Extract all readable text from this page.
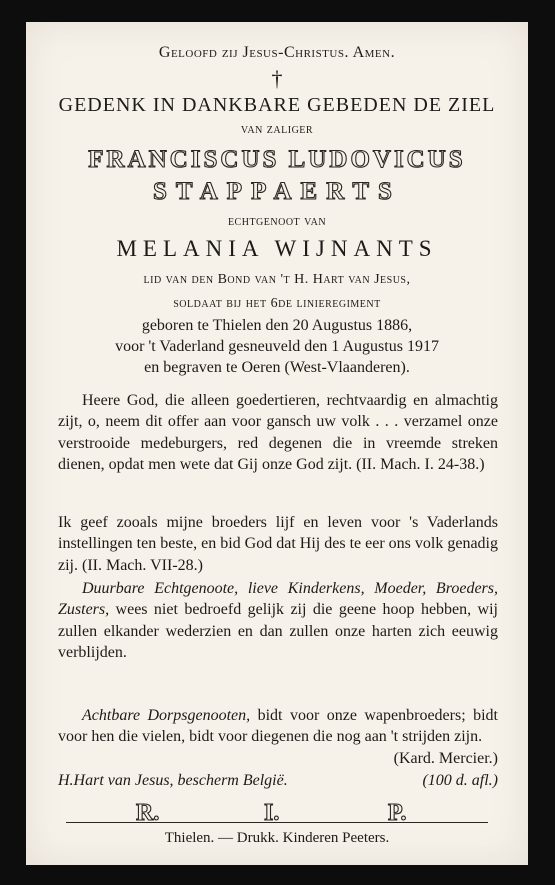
Geloofd zij Jesus-Christus. Amen.
†
GEDENK IN DANKBARE GEBEDEN DE ZIEL
van zaliger
FRANCISCUS LUDOVICUS
STAPPAERTS
echtgenoot van
MELANIA WIJNANTS
lid van den Bond van 't H. Hart van Jesus,
soldaat bij het 6de linieregiment
geboren te Thielen den 20 Augustus 1886,
voor 't Vaderland gesneuveld den 1 Augustus 1917
en begraven te Oeren (West-Vlaanderen).
Heere God, die alleen goedertieren, rechtvaardig en almachtig zijt, o, neem dit offer aan voor gansch uw volk . . . verzamel onze verstrooide medeburgers, red degenen die in vreemde streken dienen, opdat men wete dat Gij onze God zijt. (II. Mach. I. 24-38.)
Ik geef zooals mijne broeders lijf en leven voor 's Vaderlands instellingen ten beste, en bid God dat Hij des te eer ons volk genadig zij. (II. Mach. VII-28.)
Duurbare Echtgenoote, lieve Kinderkens, Moeder, Broeders, Zusters, wees niet bedroefd gelijk zij die geene hoop hebben, wij zullen elkander wederzien en dan zullen onze harten zich eeuwig verblijden.
Achtbare Dorpsgenooten, bidt voor onze wapenbroeders; bidt voor hen die vielen, bidt voor diegenen die nog aan 't strijden zijn.
(Kard. Mercier.)
H.Hart van Jesus, bescherm België.	(100 d. afl.)
R.	I.	P.
Thielen. — Drukk. Kinderen Peeters.
